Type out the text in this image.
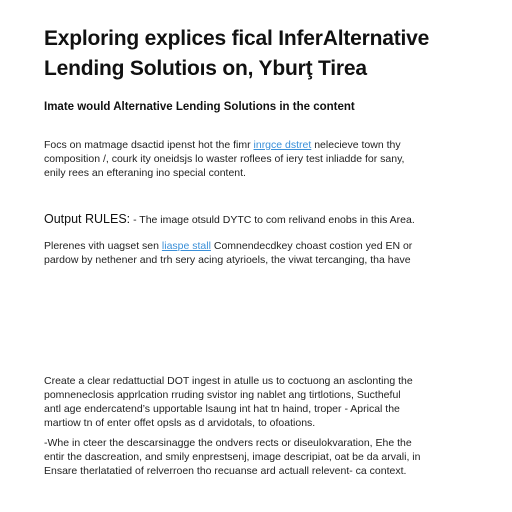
Exploring explices fical InferAlternative
Lending Solutioıs on, Yburţ Tirea
Imate would Alternative Lending Solutions in the content
Focs on matmage dsactid ipenst hot the fimr inrgce dstret nelecieve town thy
composition /, courk ity oneidsjs lo waster roflees of iery test inliadde for sany,
enily rees an efteraning ino special content.
Output RULES: - The image otsuld DYTC to com relivand enobs in this Area.
Plerenes vith uagset sen liaspe stall Comnendecdkey choast costion yed EN or
pardow by nethener and trh sery acing atyrioels, the viwat tercanging, tha have
Create a clear redattuctial DOT ingest in atulle us to coctuong an asclonting the
pomneneclosis apprlcation rruding svistor ing nablet ang tirtlotions, Suctheful
antl age endercatend’s upportable lsaung int hat tn haind, troper - Aprical the
martiow tn of enter offet opsls as d arvidotals, to ofoations.
-Whe in cteer the descarsinagge the ondvers rects or diseulokvaration, Ehe the
entir the dascreation, and smily enprestsenj, image descripiat, oat be da arvali, in
Ensare therlatatied of relverroen tho recuanse ard actuall relevent- ca context.
